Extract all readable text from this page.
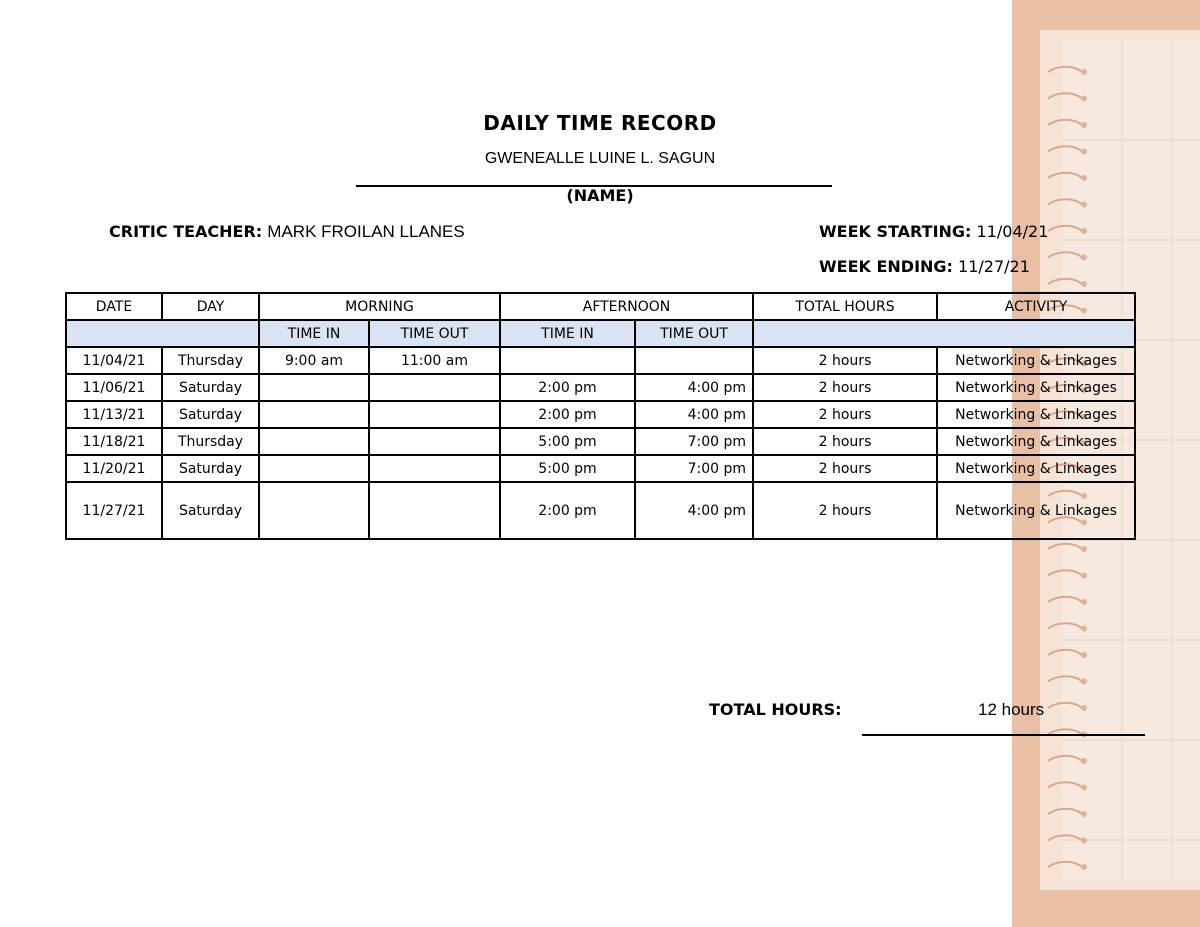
DAILY TIME RECORD
GWENEALLE LUINE L. SAGUN
(NAME)
CRITIC TEACHER: MARK FROILAN LLANES	WEEK STARTING: 11/04/21
WEEK ENDING: 11/27/21
DATE	DAY	MORNING		AFTERNOON		TOTAL HOURS	ACTIVITY
		TIME IN	TIME OUT	TIME IN	TIME OUT		
11/04/21	Thursday	9:00 am	11:00 am			2 hours	Networking & Linkages
11/06/21	Saturday			2:00 pm	4:00 pm	2 hours	Networking & Linkages
11/13/21	Saturday			2:00 pm	4:00 pm	2 hours	Networking & Linkages
11/18/21	Thursday			5:00 pm	7:00 pm	2 hours	Networking & Linkages
11/20/21	Saturday			5:00 pm	7:00 pm	2 hours	Networking & Linkages
11/27/21	Saturday			2:00 pm	4:00 pm	2 hours	Networking & Linkages
TOTAL HOURS:	12 hours
